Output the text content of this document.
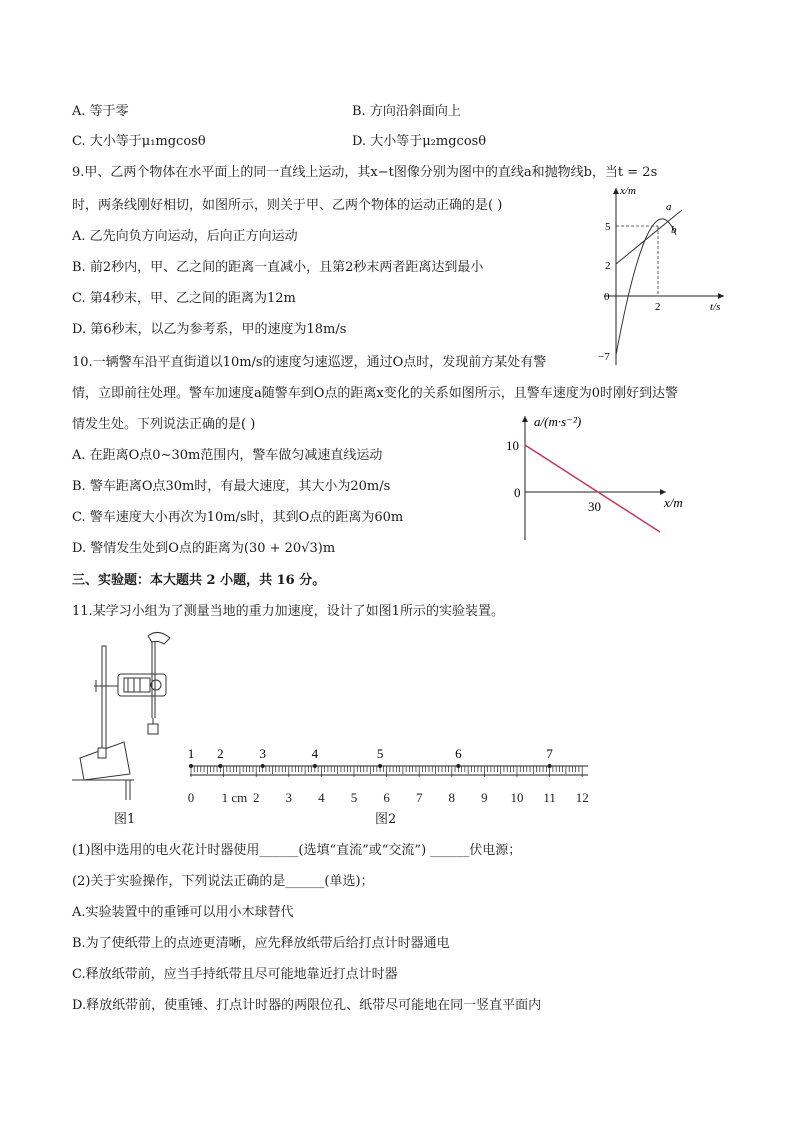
A. 等于零	B. 方向沿斜面向上
C. 大小等于μ₁mgcosθ	D. 大小等于μ₂mgcosθ
9.甲、乙两个物体在水平面上的同一直线上运动，其x−t图像分别为图中的直线a和抛物线b，当t = 2s
时，两条线刚好相切，如图所示，则关于甲、乙两个物体的运动正确的是( )
A. 乙先向负方向运动，后向正方向运动
B. 前2秒内，甲、乙之间的距离一直减小，且第2秒末两者距离达到最小
C. 第4秒末，甲、乙之间的距离为12m
D. 第6秒末，以乙为参考系，甲的速度为18m/s
x/m
t/s
0
5
2
−7
2
a
b
10.一辆警车沿平直街道以10m/s的速度匀速巡逻，通过O点时，发现前方某处有警
情，立即前往处理。警车加速度a随警车到O点的距离x变化的关系如图所示，且警车速度为0时刚好到达警
情发生处。下列说法正确的是( )
A. 在距离O点0∼30m范围内，警车做匀减速直线运动
B. 警车距离O点30m时，有最大速度，其大小为20m/s
C. 警车速度大小再次为10m/s时，其到O点的距离为60m
D. 警情发生处到O点的距离为(30 + 20√3)m
a/(m·s⁻²)
x/m
10
0
30
三、实验题：本大题共 2 小题，共 16 分。
11.某学习小组为了测量当地的重力加速度，设计了如图1所示的实验装置。
图1
0 1 cm 2 3 4 5 6 7 8 9 10 11 12
1 2	3	4	5	6	7
图2
(1)图中选用的电火花计时器使用______(选填“直流”或“交流”) ______伏电源；
(2)关于实验操作，下列说法正确的是______(单选)；
A.实验装置中的重锤可以用小木球替代
B.为了使纸带上的点迹更清晰，应先释放纸带后给打点计时器通电
C.释放纸带前，应当手持纸带且尽可能地靠近打点计时器
D.释放纸带前，使重锤、打点计时器的两限位孔、纸带尽可能地在同一竖直平面内
